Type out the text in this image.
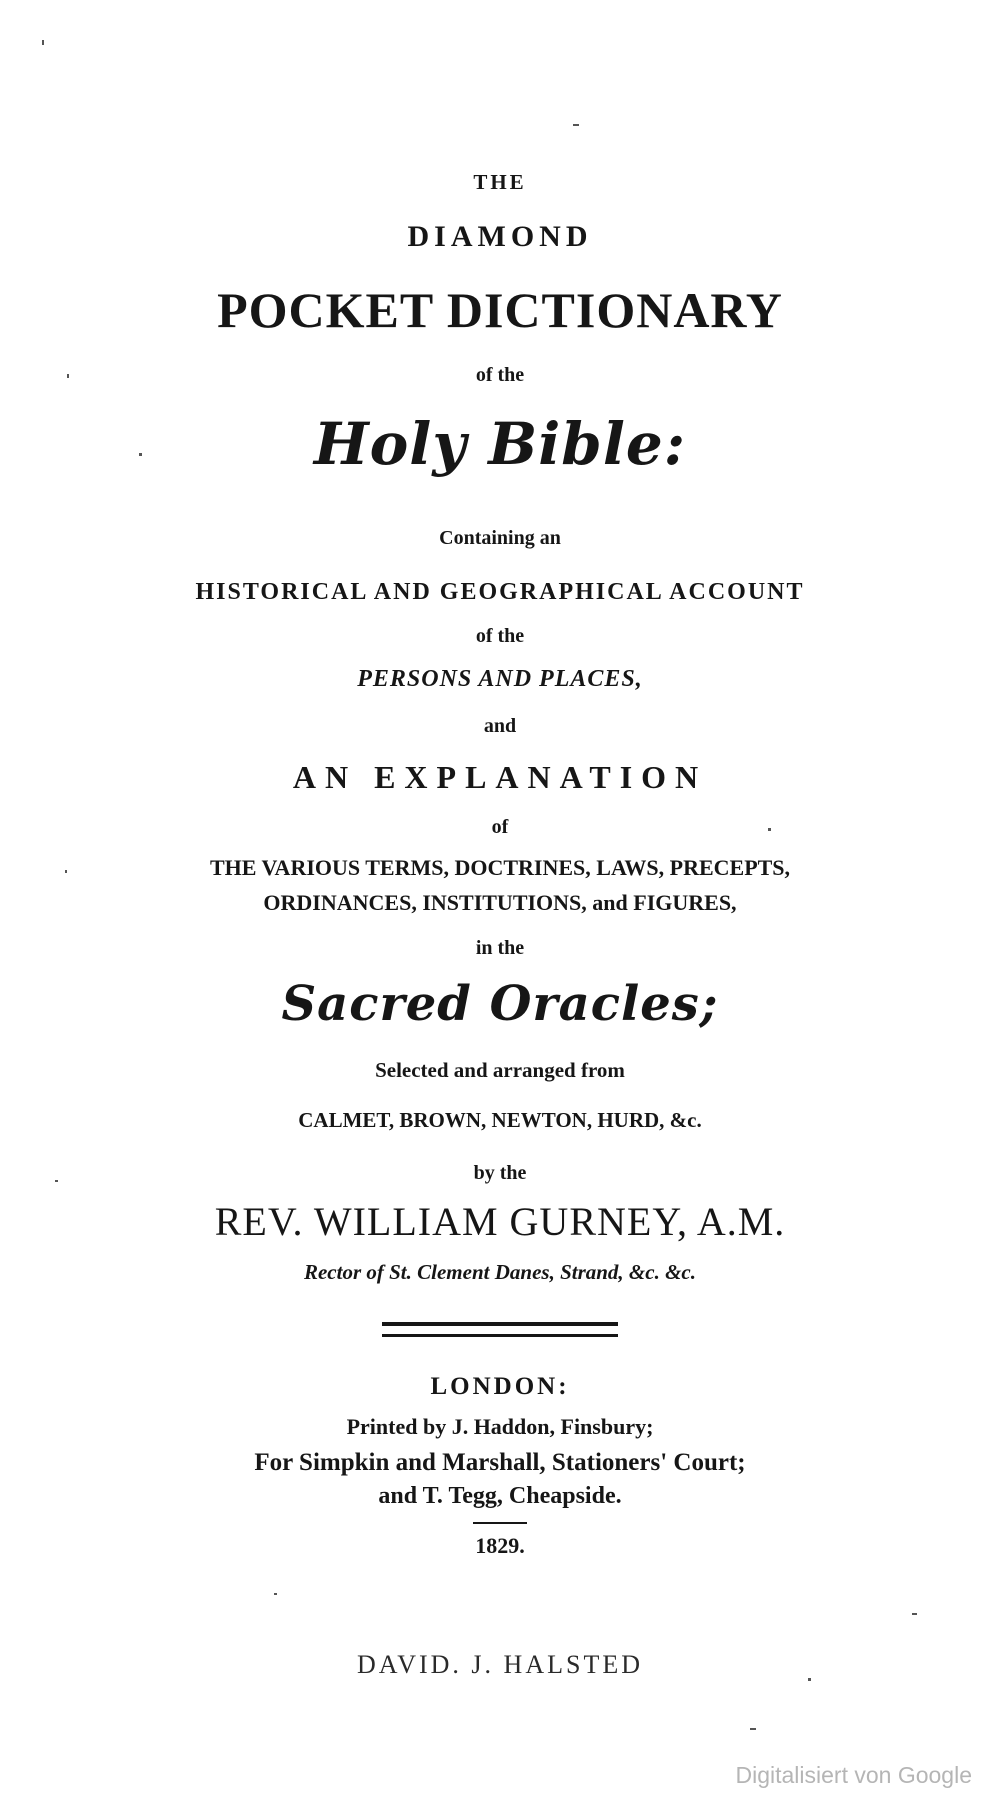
THE
DIAMOND
POCKET DICTIONARY
of the
Holy Bible:
Containing an
HISTORICAL AND GEOGRAPHICAL ACCOUNT
of the
PERSONS AND PLACES,
and
AN EXPLANATION
of
THE VARIOUS TERMS, DOCTRINES, LAWS, PRECEPTS,
ORDINANCES, INSTITUTIONS, and FIGURES,
in the
Sacred Oracles;
Selected and arranged from
CALMET, BROWN, NEWTON, HURD, &c.
by the
REV. WILLIAM GURNEY, A.M.
Rector of St. Clement Danes, Strand, &c. &c.
LONDON:
Printed by J. Haddon, Finsbury;
For Simpkin and Marshall, Stationers' Court;
and T. Tegg, Cheapside.
1829.
DAVID. J. HALSTED
Digitalisiert von Google
